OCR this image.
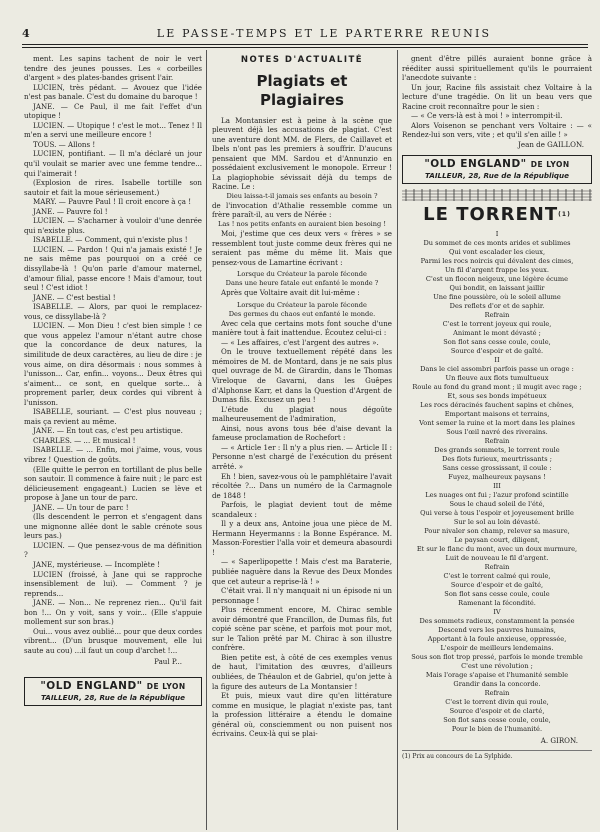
4	LE PASSE-TEMPS ET LE PARTERRE REUNIS

ment. Les sapins tachent de noir le vert tendre des jeunes pousses. Les « corbeilles d'argent » des plates-bandes grisent l'air.

LUCIEN, très pédant. — Avouez que l'idée n'est pas banale. C'est du domaine du baroque !

JANE. — Ce Paul, il me fait l'effet d'un utopique !

LUCIEN. — Utopique ! c'est le mot... Tenez ! Il m'en a servi une meilleure encore !

TOUS. — Allons !

LUCIEN, pontifiant. — Il m'a déclaré un jour qu'il voulait se marier avec une femme tendre... qui l'aimerait !

(Explosion de rires. Isabelle tortille son sautoir et fait la moue sérieusement.)

MARY. — Pauvre Paul ! Il croit encore à ça !

JANE. — Pauvre fol !

LUCIEN. — S'acharner à vouloir d'une denrée qui n'existe plus.

ISABELLE. — Comment, qui n'existe plus !

LUCIEN. — Pardon ! Qui n'a jamais existé ! Je ne sais même pas pourquoi on a créé ce dissyllabe-là ! Qu'on parle d'amour maternel, d'amour filial, passe encore ! Mais d'amour, tout seul ! C'est idiot !

JANE. — C'est bestial !

ISABELLE. — Alors, par quoi le remplacez-vous, ce dissyllabe-là ?

LUCIEN. — Mon Dieu ! c'est bien simple ! ce que vous appelez l'amour n'étant autre chose que la concordance de deux natures, la similitude de deux caractères, au lieu de dire : je vous aime, on dira désormais : nous sommes à l'unisson... Car, enfin... voyons... Deux êtres qui s'aiment... ce sont, en quelque sorte... à proprement parler, deux cordes qui vibrent à l'unisson.

ISABELLE, souriant. — C'est plus nouveau ; mais ça revient au même.

JANE. — En tout cas, c'est peu artistique.

CHARLES. — ... Et musical !

ISABELLE. — ... Enfin, moi j'aime, vous, vous vibrez ! Question de goûts.

(Elle quitte le perron en tortillant de plus belle son sautoir. Il commence à faire nuit ; le parc est délicieusement engageant.) Lucien se lève et propose à Jane un tour de parc.

JANE. — Un tour de parc !

(Ils descendent le perron et s'engagent dans une mignonne allée dont le sable crénote sous leurs pas.)

LUCIEN. — Que pensez-vous de ma définition ?

JANE, mystérieuse. — Incomplète !

LUCIEN (froissé, à Jane qui se rapproche insensiblement de lui). — Comment ? je reprends...

JANE. — Non... Ne reprenez rien... Qu'il fait bon !... On y voit, sans y voir... (Elle s'appuie mollement sur son bras.)

Oui... vous avez oublié... pour que deux cordes vibrent... (D'un brusque mouvement, elle lui saute au cou) ...il faut un coup d'archet !...

Paul P...

"OLD ENGLAND" DE LYON
TAILLEUR, 28, Rue de la République
NOTES D'ACTUALITÉ
Plagiats et Plagiaires

La Montansier est à peine à la scène que pleuvent déjà les accusations de plagiat. C'est une aventure dont MM. de Flers, de Caillavet et Ibels n'ont pas les premiers à souffrir. D'aucuns pensaient que MM. Sardou et d'Annunzio en possédaient exclusivement le monopole. Erreur ! La plagiophobie sévissait déjà du temps de Racine. Le :

Dieu laissa-t-il jamais ses enfants au besoin ?

de l'invocation d'Athalie ressemble comme un frère paraît-il, au vers de Nérée :

Las ! nos petits enfants en auraient bien besoing !

Moi, j'estime que ces deux vers « frères » se ressemblent tout juste comme deux frères qui ne seraient pas même du même lit. Mais que pensez-vous de Lamartine écrivant :

Lorsque du Créateur la parole féconde

Dans une heure fatale eut enfanté le monde ?

Après que Voltaire avait dit lui-même :

Lorsque du Créateur la parole féconde

Des germes du chaos eut enfanté le monde.

Avec cela que certains mots font souche d'une manière tout à fait inattendue. Écoutez celui-ci :

— « Les affaires, c'est l'argent des autres ».

On le trouve textuellement répété dans les mémoires de M. de Montard, dans je ne sais plus quel ouvrage de M. de Girardin, dans le Thomas Vireloque de Gavarni, dans les Guêpes d'Alphonse Karr, et dans la Question d'Argent de Dumas fils. Excusez un peu !

L'étude du plagiat nous dégoûte malheureusement de l'admiration,

Ainsi, nous avons tous bée d'aise devant la fameuse proclamation de Rochefort :

— « Article 1er : Il n'y a plus rien. — Article II : Personne n'est chargé de l'exécution du présent arrêté. »

Eh ! bien, savez-vous où le pamphlétaire l'avait récoltée ?... Dans un numéro de la Carmagnole de 1848 !

Parfois, le plagiat devient tout de même scandaleux :

Il y a deux ans, Antoine joua une pièce de M. Hermann Heyermanns : la Bonne Espérance. M. Masson-Forestier l'alla voir et demeura abasourdi !

— « Saperlipopette ! Mais c'est ma Baraterie, publiée naguère dans la Revue des Deux Mondes que cet auteur a reprise-là ! »

C'était vrai. Il n'y manquait ni un épisode ni un personnage !

Plus récemment encore, M. Chirac semble avoir démontré que Francillon, de Dumas fils, fut copié scène par scène, et parfois mot pour mot, sur le Talion prêté par M. Chirac à son illustre confrère.

Bien petite est, à côté de ces exemples venus de haut, l'imitation des œuvres, d'ailleurs oubliées, de Théaulon et de Gabriel, qu'on jette à la figure des auteurs de La Montansier !

Et puis, mieux vaut dire qu'en littérature comme en musique, le plagiat n'existe pas, tant la profession littéraire a étendu le domaine général où, consciemment ou non puisent nos écrivains. Ceux-là qui se plai-

gnent d'être pillés auraient bonne grâce à rééditer aussi spirituellement qu'ils le pourraient l'anecdote suivante :

Un jour, Racine fils assistait chez Voltaire à la lecture d'une tragédie. On lit un beau vers que Racine croit reconnaître pour le sien :

— « Ce vers-là est à moi ! » interrompit-il.

Alors Voisenon se penchant vers Voltaire : — « Rendez-lui son vers, vite ; et qu'il s'en aille ! »

Jean de GAILLON.

"OLD ENGLAND" DE LYON
TAILLEUR, 28, Rue de la République
LE TORRENT$^{(1)}$

I

Du sommet de ces monts arides et sublimes

Qui vont escalader les cieux,

Parmi les rocs noircis qui dévalent des cimes,

Un fil d'argent frappe les yeux.

C'est un flocon neigeux, une légère écume

Qui bondit, en laissant jaillir

Une fine poussière, où le soleil allume

Des reflets d'or et de saphir.

Refrain

C'est le torrent joyeux qui roule,

Animant le mont dévasté ;

Son flot sans cesse coule, coule,

Source d'espoir et de gaîté.

II

Dans le ciel assombri parfois passe un orage :

Un fleuve aux flots tumultueux

Roule au fond du grand mont ; il mugit avec rage ;

Et, sous ses bonds impétueux

Les rocs déracinés fauchent sapins et chênes,

Emportant maisons et terrains,

Vont semer la ruine et la mort dans les plaines

Sous l'œil navré des riverains.

Refrain

Des grands sommets, le torrent roule

Des flots furieux, meurtrissants ;

Sans cesse grossissant, il coule :

Fuyez, malheureux paysans !

III

Les nuages ont fui ; l'azur profond scintille

Sous le chaud soleil de l'été,

Qui verse à tous l'espoir et joyeusement brille

Sur le sol au loin dévasté.

Pour nivaler son champ, relever sa masure,

Le paysan court, diligent,

Et sur le flanc du mont, avec un doux murmure,

Luit de nouveau le fil d'argent.

Refrain

C'est le torrent calmé qui roule,

Source d'espoir et de gaîté,

Son flot sans cesse coule, coule

Ramenant la fécondité.

IV

Des sommets radieux, constamment la pensée

Descend vers les pauvres humains,

Apportant à la foule anxieuse, oppressée,

L'espoir de meilleurs lendemains.

Sous son flot trop pressé, parfois le monde tremble

C'est une révolution ;

Mais l'orage s'apaise et l'humanité semble

Grandir dans la concorde.

Refrain

C'est le torrent divin qui roule,

Source d'espoir et de clarté,

Son flot sans cesse coule, coule,

Pour le bien de l'humanité.

A. GIRON.

(1) Prix au concours de La Sylphide.
